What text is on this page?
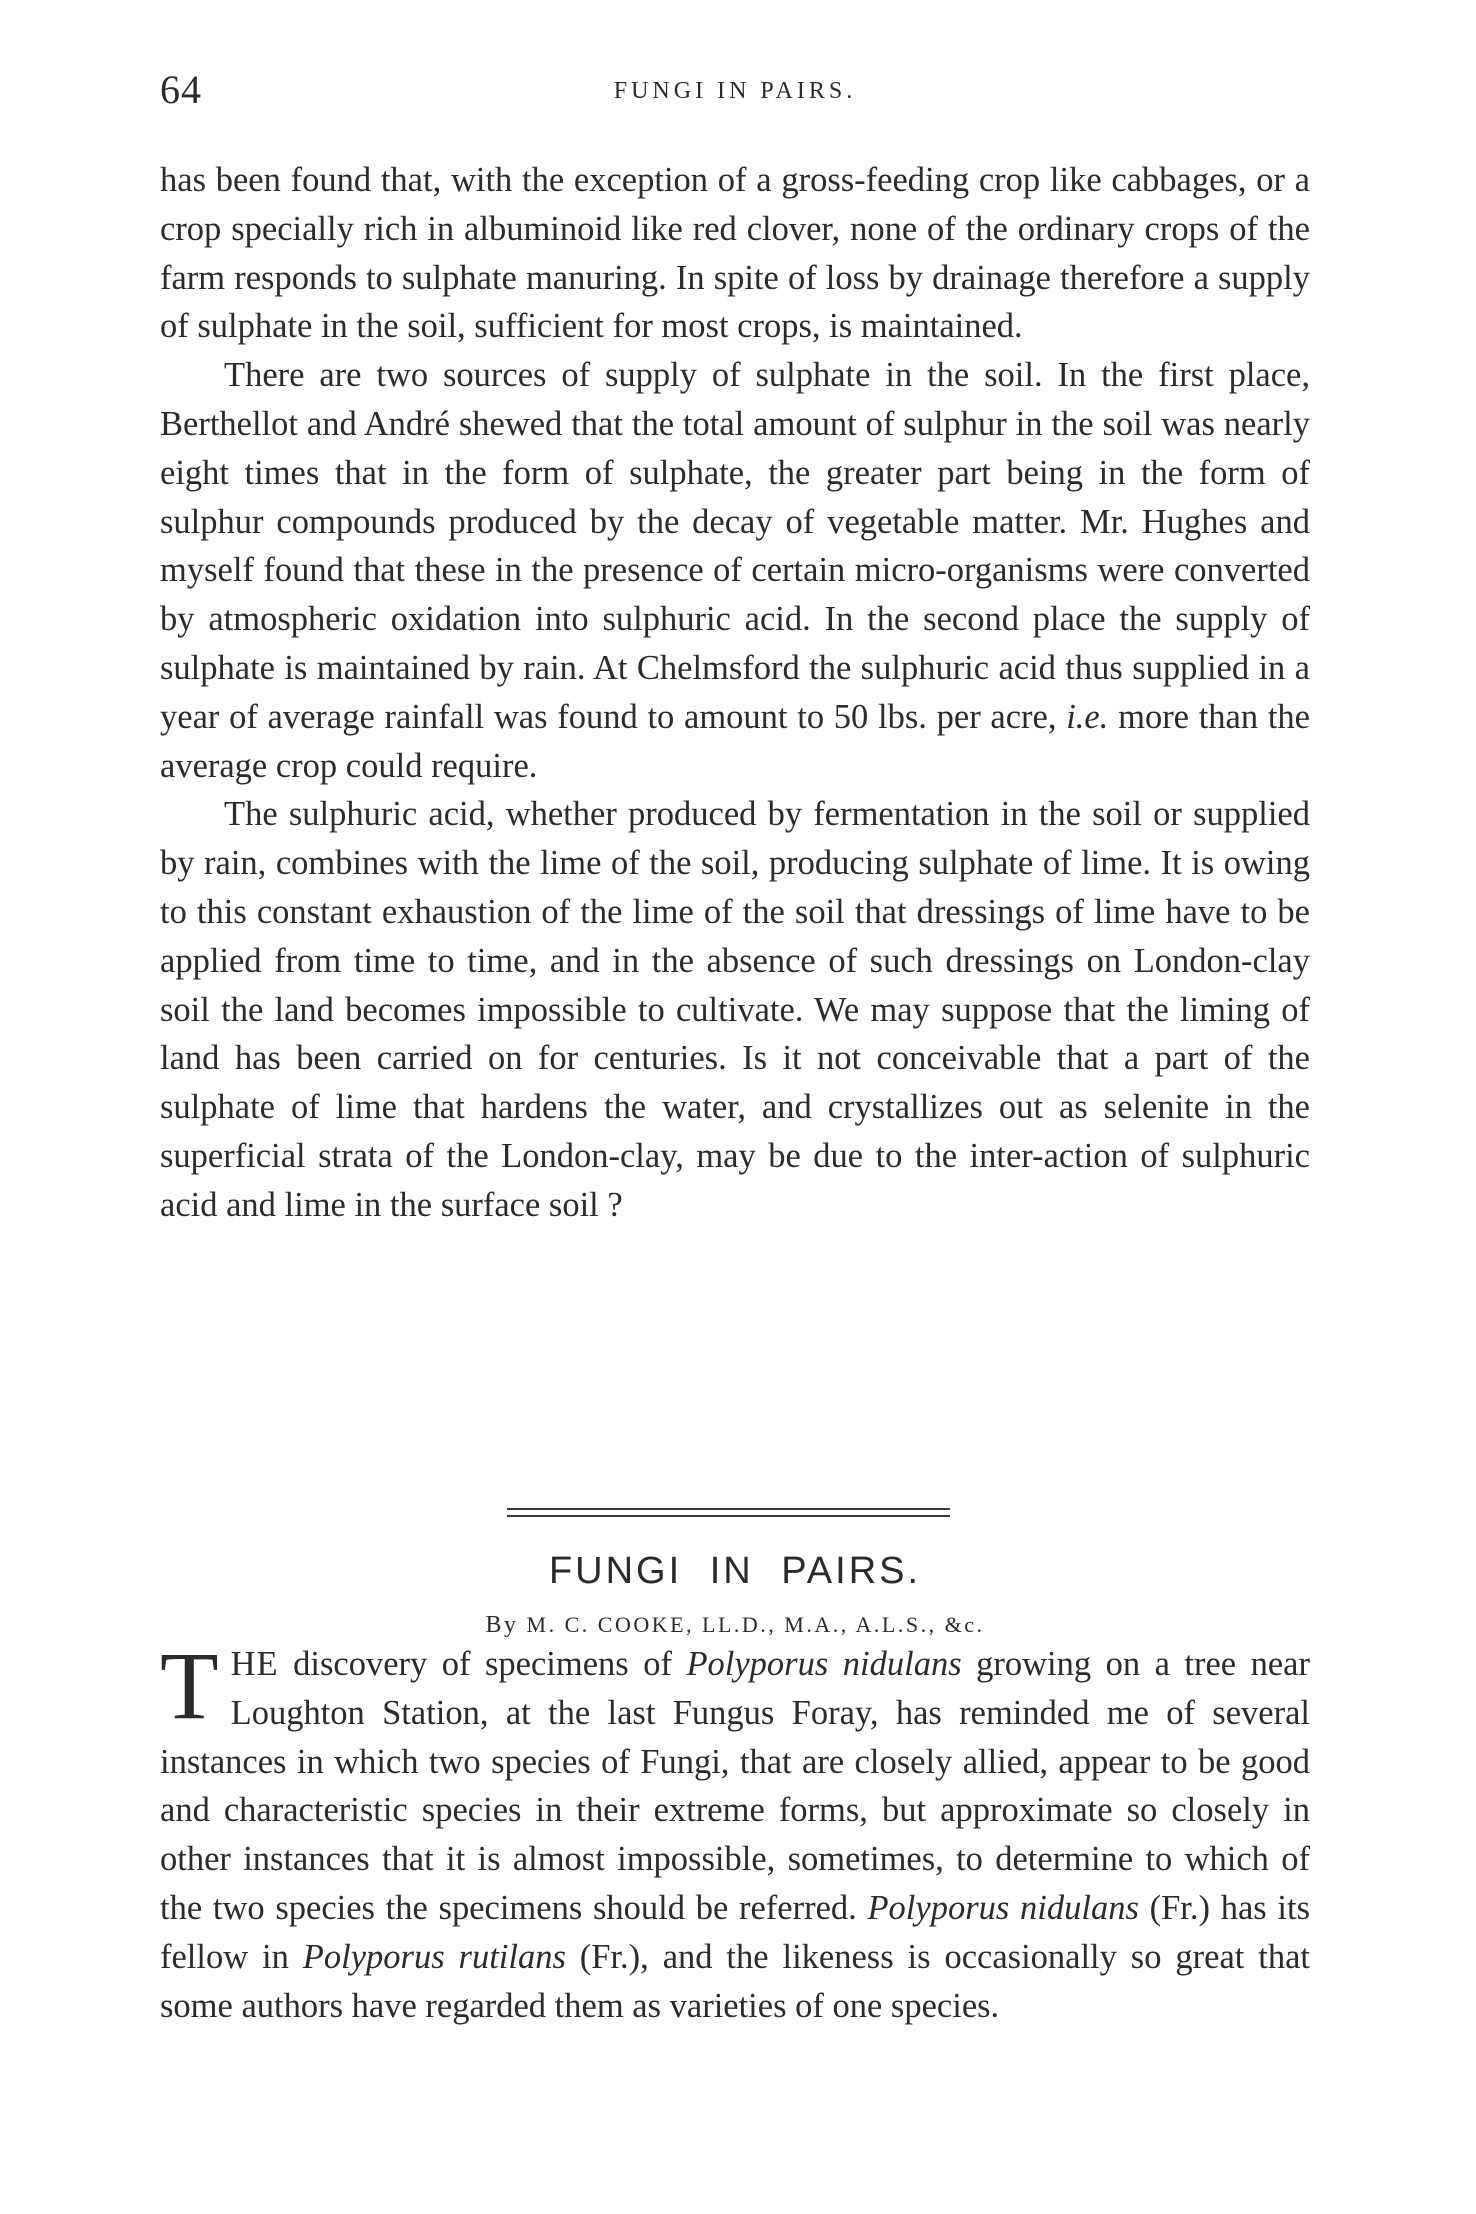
64	FUNGI IN PAIRS.

has been found that, with the exception of a gross-feeding crop like cabbages, or a crop specially rich in albuminoid like red clover, none of the ordinary crops of the farm responds to sulphate manuring. In spite of loss by drainage therefore a supply of sulphate in the soil, sufficient for most crops, is maintained.

There are two sources of supply of sulphate in the soil. In the first place, Berthellot and André shewed that the total amount of sulphur in the soil was nearly eight times that in the form of sulphate, the greater part being in the form of sulphur compounds produced by the decay of vegetable matter. Mr. Hughes and myself found that these in the presence of certain micro-organisms were converted by atmospheric oxidation into sulphuric acid. In the second place the supply of sulphate is maintained by rain. At Chelmsford the sulphuric acid thus supplied in a year of average rainfall was found to amount to 50 lbs. per acre, i.e. more than the average crop could require.

The sulphuric acid, whether produced by fermentation in the soil or supplied by rain, combines with the lime of the soil, producing sulphate of lime. It is owing to this constant exhaustion of the lime of the soil that dressings of lime have to be applied from time to time, and in the absence of such dressings on London-clay soil the land becomes impossible to cultivate. We may suppose that the liming of land has been carried on for centuries. Is it not conceivable that a part of the sulphate of lime that hardens the water, and crystallizes out as selenite in the superficial strata of the London-clay, may be due to the inter-action of sulphuric acid and lime in the surface soil ?

FUNGI IN PAIRS.
By M. C. COOKE, LL.D., M.A., A.L.S., &c.

THE discovery of specimens of Polyporus nidulans growing on a tree near Loughton Station, at the last Fungus Foray, has reminded me of several instances in which two species of Fungi, that are closely allied, appear to be good and characteristic species in their extreme forms, but approximate so closely in other instances that it is almost impossible, sometimes, to determine to which of the two species the specimens should be referred. Polyporus nidulans (Fr.) has its fellow in Polyporus rutilans (Fr.), and the likeness is occasionally so great that some authors have regarded them as varieties of one species.
